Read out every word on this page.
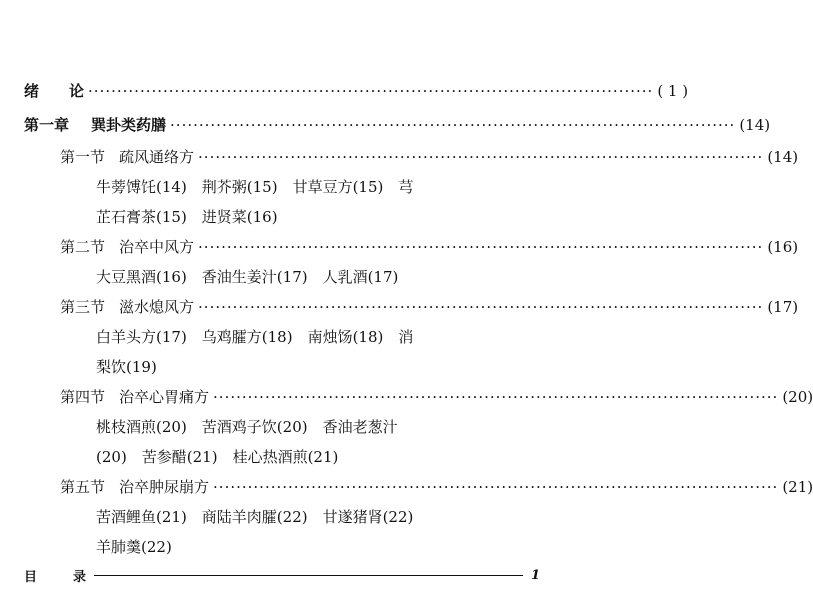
绪 论 ·································································································· ( 1 )
第一章 巽卦类药膳 ·································································································· (14)
第一节 疏风通络方 ·································································································· (14)
牛蒡馎饦(14)　荆芥粥(15)　甘草豆方(15)　芎
芷石膏茶(15)　进贤菜(16)
第二节 治卒中风方 ·································································································· (16)
大豆黑酒(16)　香油生姜汁(17)　人乳酒(17)
第三节 滋水熄风方 ·································································································· (17)
白羊头方(17)　乌鸡臛方(18)　南烛饧(18)　消
梨饮(19)
第四节 治卒心胃痛方 ·································································································· (20)
桃枝酒煎(20)　苦酒鸡子饮(20)　香油老葱汁
(20)　苦参醋(21)　桂心热酒煎(21)
第五节 治卒肿尿崩方 ·································································································· (21)
苦酒鲤鱼(21)　商陆羊肉臛(22)　甘遂猪肾(22)
羊肺羹(22)
目	录	1
